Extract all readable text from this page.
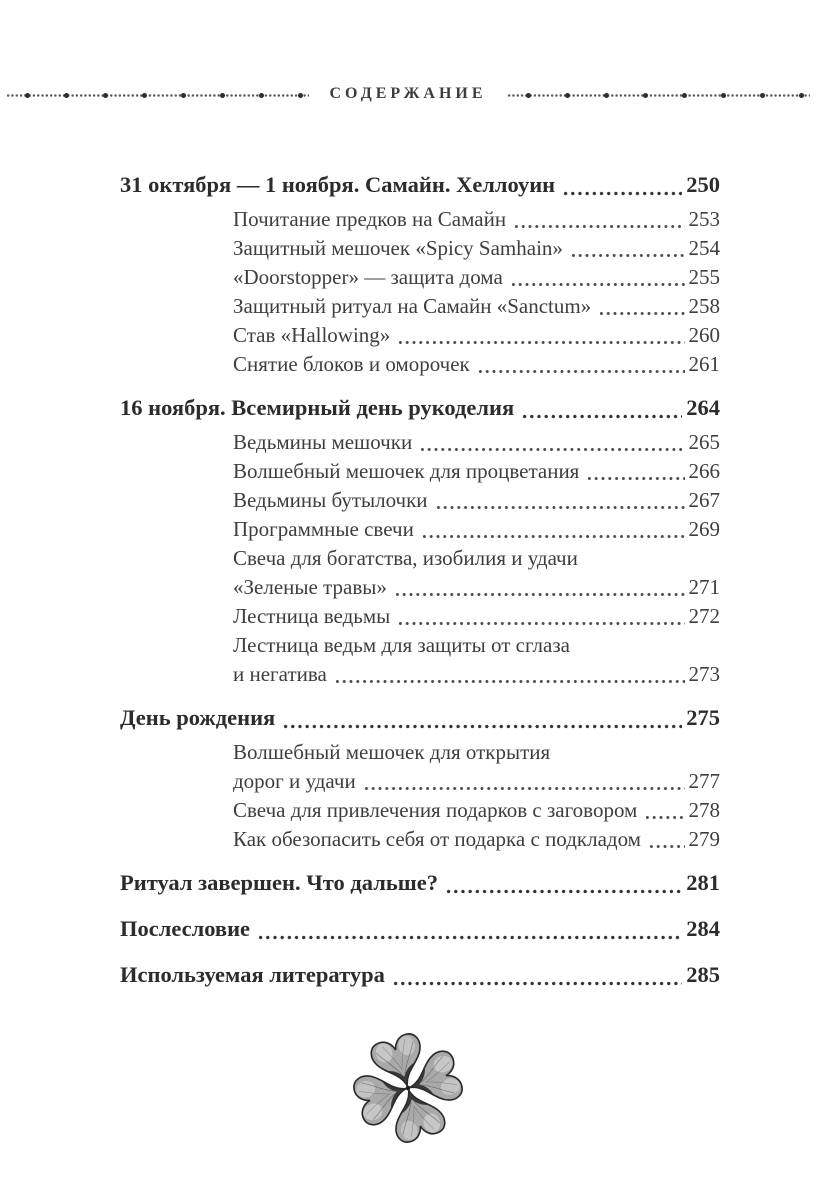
СОДЕРЖАНИЕ
31 октября — 1 ноября. Самайн. Хеллоуин	250
Почитание предков на Самайн	253
Защитный мешочек «Spicy Samhain»	254
«Doorstopper» — защита дома	255
Защитный ритуал на Самайн «Sanctum»	258
Став «Hallowing»	260
Снятие блоков и оморочек	261
16 ноября. Всемирный день рукоделия	264
Ведьмины мешочки	265
Волшебный мешочек для процветания	266
Ведьмины бутылочки	267
Программные свечи	269
Свеча для богатства, изобилия и удачи
«Зеленые травы»	271
Лестница ведьмы	272
Лестница ведьм для защиты от сглаза
и негатива	273
День рождения	275
Волшебный мешочек для открытия
дорог и удачи	277
Свеча для привлечения подарков с заговором 278
Как обезопасить себя от подарка с подкладом 279
Ритуал завершен. Что дальше?	281
Послесловие	284
Используемая литература	285
